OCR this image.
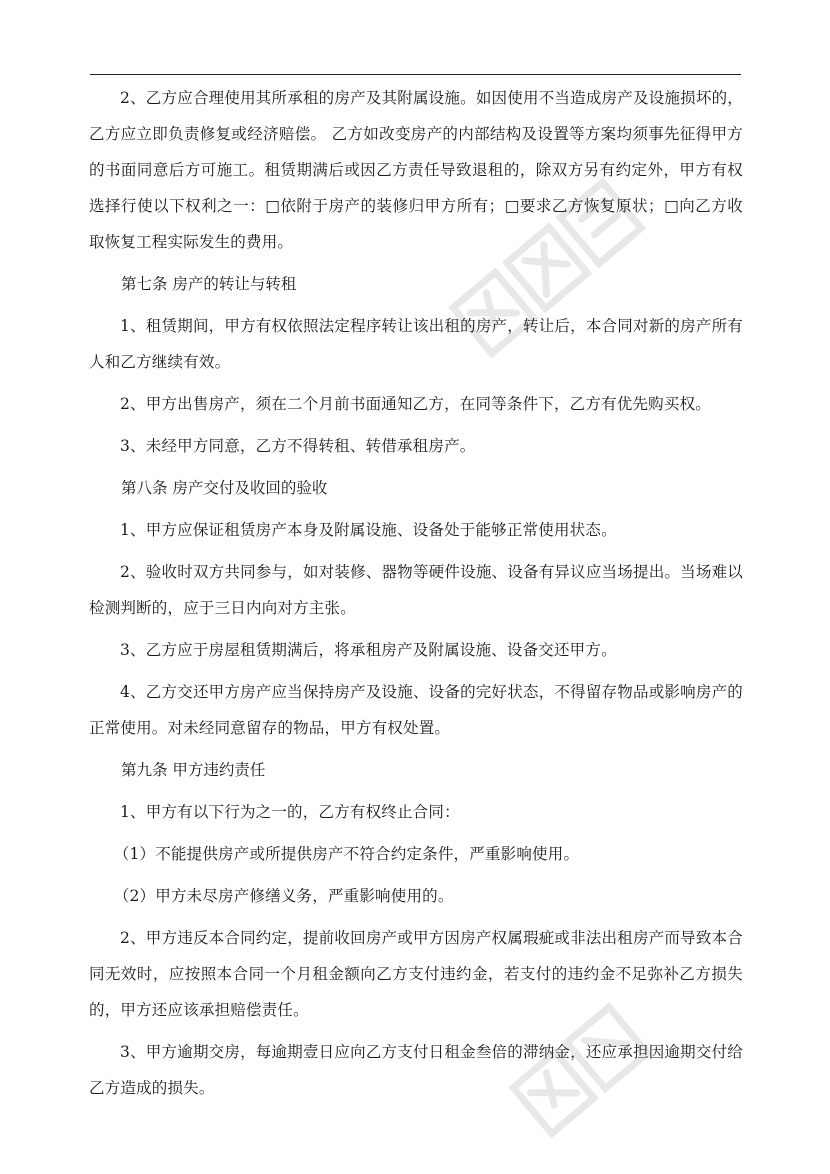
2、乙方应合理使用其所承租的房产及其附属设施。如因使用不当造成房产及设施损坏的，乙方应立即负责修复或经济赔偿。 乙方如改变房产的内部结构及设置等方案均须事先征得甲方的书面同意后方可施工。租赁期满后或因乙方责任导致退租的，除双方另有约定外，甲方有权选择行使以下权利之一：□依附于房产的装修归甲方所有；□要求乙方恢复原状；□向乙方收取恢复工程实际发生的费用。

第七条 房产的转让与转租

1、租赁期间，甲方有权依照法定程序转让该出租的房产，转让后，本合同对新的房产所有人和乙方继续有效。

2、甲方出售房产，须在二个月前书面通知乙方，在同等条件下，乙方有优先购买权。

3、未经甲方同意，乙方不得转租、转借承租房产。

第八条 房产交付及收回的验收

1、甲方应保证租赁房产本身及附属设施、设备处于能够正常使用状态。

2、验收时双方共同参与，如对装修、器物等硬件设施、设备有异议应当场提出。当场难以检测判断的，应于三日内向对方主张。

3、乙方应于房屋租赁期满后，将承租房产及附属设施、设备交还甲方。

4、乙方交还甲方房产应当保持房产及设施、设备的完好状态，不得留存物品或影响房产的正常使用。对未经同意留存的物品，甲方有权处置。

第九条 甲方违约责任

1、甲方有以下行为之一的，乙方有权终止合同：

（1）不能提供房产或所提供房产不符合约定条件，严重影响使用。

（2）甲方未尽房产修缮义务，严重影响使用的。

2、甲方违反本合同约定，提前收回房产或甲方因房产权属瑕疵或非法出租房产而导致本合同无效时，应按照本合同一个月租金额向乙方支付违约金，若支付的违约金不足弥补乙方损失的，甲方还应该承担赔偿责任。

3、甲方逾期交房，每逾期壹日应向乙方支付日租金叁倍的滞纳金，还应承担因逾期交付给乙方造成的损失。
